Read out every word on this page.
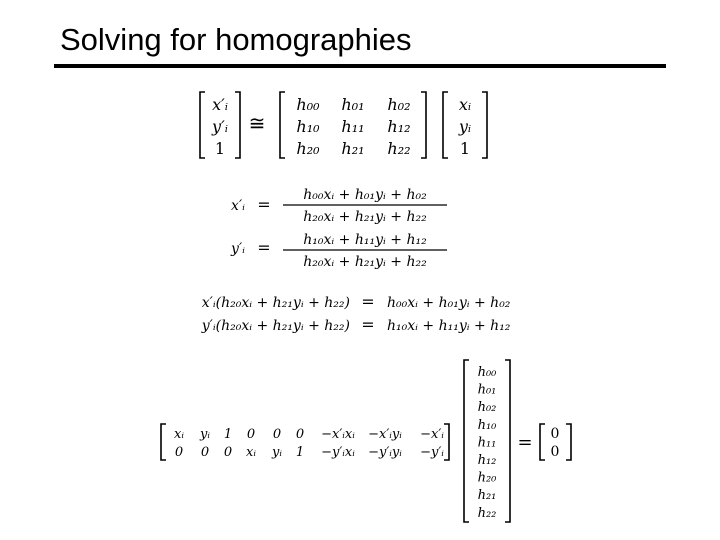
Solving for homographies
x′ᵢ
y′ᵢ
1
≅
h₀₀ h₀₁ h₀₂
h₁₀ h₁₁ h₁₂
h₂₀ h₂₁ h₂₂
xᵢ
yᵢ
1
x′ᵢ = h₀₀xᵢ + h₀₁yᵢ + h₀₂
h₂₀xᵢ + h₂₁yᵢ + h₂₂
y′ᵢ = h₁₀xᵢ + h₁₁yᵢ + h₁₂
h₂₀xᵢ + h₂₁yᵢ + h₂₂
x′ᵢ(h₂₀xᵢ + h₂₁yᵢ + h₂₂) = h₀₀xᵢ + h₀₁yᵢ + h₀₂
y′ᵢ(h₂₀xᵢ + h₂₁yᵢ + h₂₂) = h₁₀xᵢ + h₁₁yᵢ + h₁₂
xᵢ yᵢ 1 0 0 0 −x′ᵢxᵢ −x′ᵢyᵢ −x′ᵢ
0 0 0 xᵢ yᵢ 1 −y′ᵢxᵢ −y′ᵢyᵢ −y′ᵢ
h₀₀
h₀₁
h₀₂
h₁₀
h₁₁
h₁₂
h₂₀
h₂₁
h₂₂
= 0
0
